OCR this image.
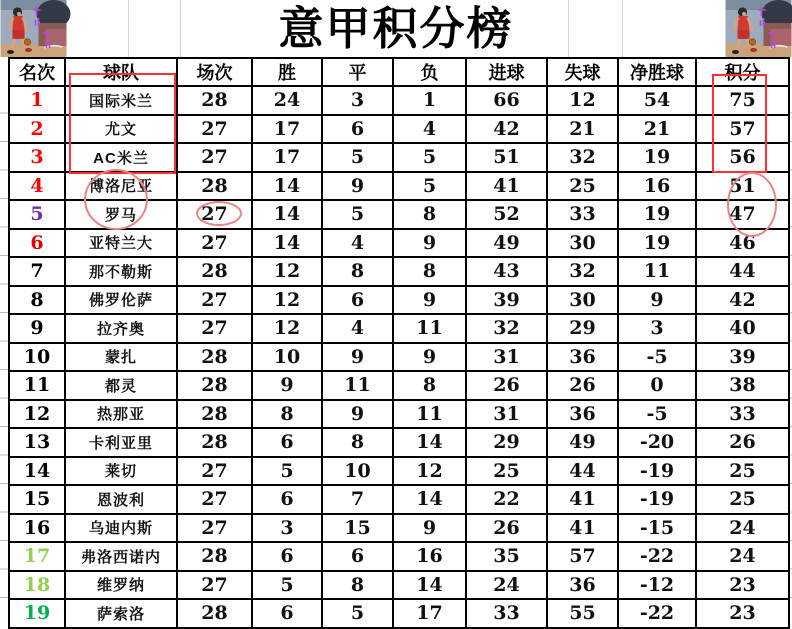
意甲积分榜
名次	球队	场次	胜	平	负	进球	失球	净胜球	积分
1	国际米兰	28	24	3	1	66	12	54	75
2	尤文	27	17	6	4	42	21	21	57
3	AC米兰	27	17	5	5	51	32	19	56
4	博洛尼亚	28	14	9	5	41	25	16	51
5	罗马	27	14	5	8	52	33	19	47
6	亚特兰大	27	14	4	9	49	30	19	46
7	那不勒斯	28	12	8	8	43	32	11	44
8	佛罗伦萨	27	12	6	9	39	30	9	42
9	拉齐奥	27	12	4	11	32	29	3	40
10	蒙扎	28	10	9	9	31	36	-5	39
11	都灵	28	9	11	8	26	26	0	38
12	热那亚	28	8	9	11	31	36	-5	33
13	卡利亚里	28	6	8	14	29	49	-20	26
14	莱切	27	5	10	12	25	44	-19	25
15	恩波利	27	6	7	14	22	41	-19	25
16	乌迪内斯	27	3	15	9	26	41	-15	24
17	弗洛西诺内	28	6	6	16	35	57	-22	24
18	维罗纳	27	5	8	14	24	36	-12	23
19	萨索洛	28	6	5	17	33	55	-22	23
